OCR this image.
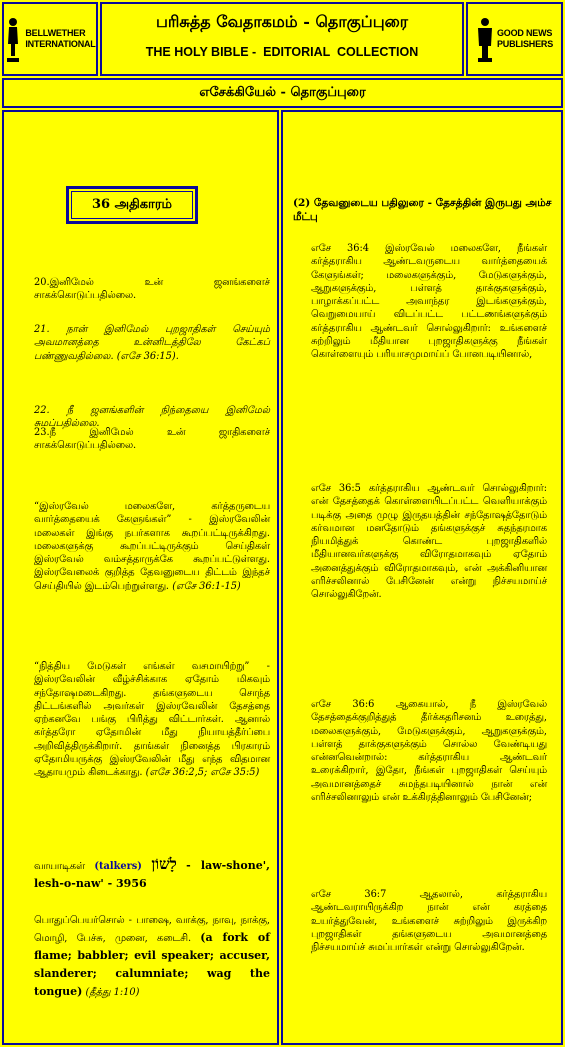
BELLWETHER
INTERNATIONAL
பரிசுத்த வேதாகமம் - தொகுப்புரை
THE HOLY BIBLE -  EDITORIAL  COLLECTION
GOOD NEWS
PUBLISHERS
எசேக்கியேல் - தொகுப்புரை
36 அதிகாரம்
20.இனிமேல் உன் ஜனங்களைச் சாகக்கொடுப்பதில்லை.
21. நான் இனிமேல் புறஜாதிகள் செய்யும் அவமானத்தை உன்னிடத்திலே கேட்கப் பண்ணுவதில்லை. (எசே 36:15).
22. நீ ஜனங்களின் நிந்தையை இனிமேல் சுமப்பதில்லை.
23.நீ இனிமேல் உன் ஜாதிகளைச் சாகக்கொடுப்பதில்லை.
“இஸ்ரவேல் மலைகளே, கர்த்தருடைய வார்த்தையைக் கேளுங்கள்” - இஸ்ரவேலின் மலைகள் இங்கு நபர்களாக கூறப்பட்டிருக்கிறது. மலைகளுக்கு கூறப்பட்டிருக்கும் செய்திகள் இஸ்ரவேல் வம்சத்தாருக்கே கூறப்பட்டுள்ளது. இஸ்ரவேலைக் குறித்த தேவனுடைய திட்டம் இந்தச் செய்தியில் இடம்பெற்றுள்ளது. (எசே 36:1-15)
“நித்திய மேடுகள் எங்கள் வசமாயிற்று” - இஸ்ரவேலின் வீழ்ச்சிக்காக ஏதோம் மிகவும் சந்தோஷமடைகிறது. தங்களுடைய சொந்த திட்டங்களில் அவர்கள் இஸ்ரவேலின் தேசத்தை ஏற்கனவே பங்கு பிரித்து விட்டார்கள். ஆனால் கர்த்தரோ ஏதோமின் மீது நியாயத்தீர்ப்பை அறிவித்திருக்கிறார். தாங்கள் நினைத்த பிரகாரம் ஏதோமியருக்கு இஸ்ரவேலின் மீது எந்த விதமான ஆதாயமும் கிடைக்காது. (எசே 36:2,5; எசே 35:5)
வாயாடிகள் (talkers) לָשׁוֹן - law-shone', lesh-o-naw' - 3956
பொதுப்பெயர்சொல் - பாஷை, வாக்கு, நாவு, நாக்கு, மொழி, பேச்சு, முனை, கடைசி. (a fork of flame; babbler; evil speaker; accuser, slanderer; calumniate; wag the tongue) (தீத்து 1:10)
(2) தேவனுடைய பதிலுரை - தேசத்தின் இருபது அம்ச மீட்பு
எசே 36:4 இஸ்ரவேல் மலைகளே, நீங்கள் கர்த்தராகிய ஆண்டவருடைய வார்த்தையைக் கேளுங்கள்; மலைகளுக்கும், மேடுகளுக்கும், ஆறுகளுக்கும், பள்ளத் தாக்குகளுக்கும், பாழாக்கப்பட்ட அவாந்தர இடங்களுக்கும், வெறுமையாய் விடப்பட்ட பட்டணங்களுக்கும் கர்த்தராகிய ஆண்டவர் சொல்லுகிறார்: உங்களைச் சுற்றிலும் மீதியான புறஜாதிகளுக்கு நீங்கள் கொள்ளையும் பரியாசமுமாய்ப் போனபடியினால்,
எசே 36:5 கர்த்தராகிய ஆண்டவர் சொல்லுகிறார்: என் தேசத்தைக் கொள்ளையிடப்பட்ட வெளியாக்கும் படிக்கு அதை முழு இருதயத்தின் சந்தோஷத்தோடும் கர்வமான மனதோடும் தங்களுக்குச் சுதந்தரமாக நியமித்துக் கொண்ட புறஜாதிகளில் மீதியானவர்களுக்கு விரோதமாகவும் ஏதோம் அனைத்துக்கும் விரோதமாகவும், என் அக்கினியான எரிச்சலினால் பேசினேன் என்று நிச்சயமாய்ச் சொல்லுகிறேன்.
எசே 36:6 ஆகையால், நீ இஸ்ரவேல் தேசத்தைக்குறித்துத் தீர்க்கதரிசனம் உரைத்து, மலைகளுக்கும், மேடுகளுக்கும், ஆறுகளுக்கும், பள்ளத் தாக்குகளுக்கும் சொல்ல வேண்டியது என்னவென்றால்: கர்த்தராகிய ஆண்டவர் உரைக்கிறார், இதோ, நீங்கள் புறஜாதிகள் செய்யும் அவமானத்தைச் சுமந்தபடியினால் நான் என் எரிச்சலினாலும் என் உக்கிரத்தினாலும் பேசினேன்;
எசே 36:7 ஆதலால், கர்த்தராகிய ஆண்டவராயிருக்கிற நான் என் கரத்தை உயர்த்துவேன், உங்களைச் சுற்றிலும் இருக்கிற புறஜாதிகள் தங்களுடைய அவமானத்தை நிச்சயமாய்ச் சுமப்பார்கள் என்று சொல்லுகிறேன்.
